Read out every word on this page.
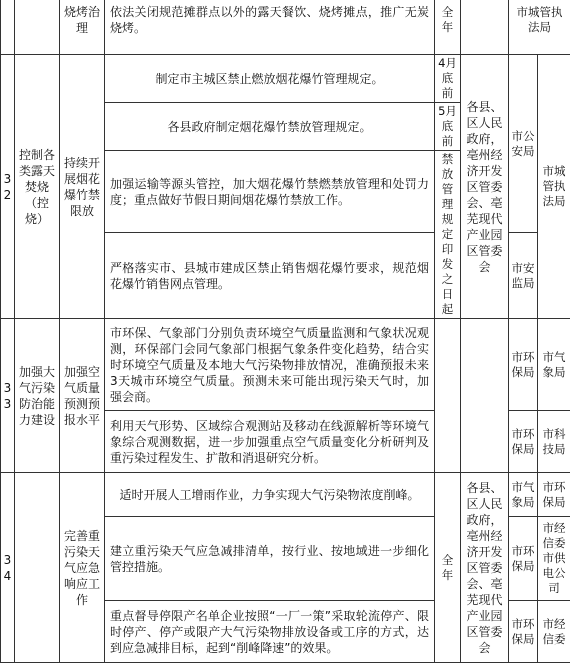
		烧烤治理	依法关闭规范摊群点以外的露天餐饮、烧烤摊点，推广无炭烧烤。	全年		市城管执法局	
32	控制各类露天焚烧（控烧）	持续开展烟花爆竹禁限放	制定市主城区禁止燃放烟花爆竹管理规定。	4月底前	各县、区人民政府，亳州经济开发区管委会、亳芜现代产业园区管委会	市公安局	市城管执法局
			各县政府制定烟花爆竹禁放管理规定。	5月底前			
			加强运输等源头管控，加大烟花爆竹禁燃禁放管理和处罚力度；重点做好节假日期间烟花爆竹禁放工作。	禁放管理规定印发之日起			
			严格落实市、县城市建成区禁止销售烟花爆竹要求，规范烟花爆竹销售网点管理。			市安监局	
33	加强大气污染防治能力建设	加强空气质量预测预报水平	市环保、气象部门分别负责环境空气质量监测和气象状况观测，环保部门会同气象部门根据气象条件变化趋势，结合实时环境空气质量及本地大气污染物排放情况，准确预报未来3天城市环境空气质量。预测未来可能出现污染天气时，加强会商。			市环保局	市气象局
			利用天气形势、区域综合观测站及移动在线源解析等环境气象综合观测数据，进一步加强重点空气质量变化分析研判及重污染过程发生、扩散和消退研究分析。			市环保局	市科技局
34		完善重污染天气应急响应工作	适时开展人工增雨作业，力争实现大气污染物浓度削峰。	全年	各县、区人民政府，亳州经济开发区管委会、亳芜现代产业园区管委会	市气象局	市环保局
			建立重污染天气应急减排清单，按行业、按地域进一步细化管控措施。			市环保局	市经信委市供电公司
			重点督导停限产名单企业按照“一厂一策”采取轮流停产、限时停产、停产或限产大气污染物排放设备或工序的方式，达到应急减排目标，起到“削峰降速”的效果。			市环保局	市经信委
